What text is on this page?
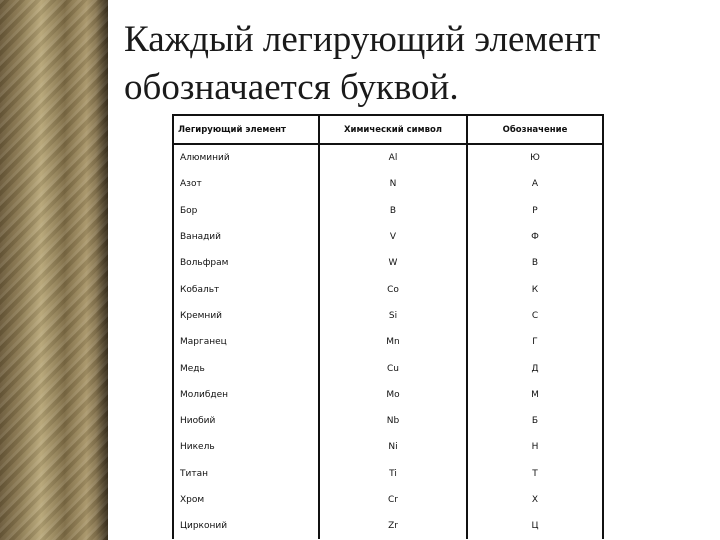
Каждый легирующий элемент обозначается буквой.
Легирующий элемент	Химический символ	Обозначение
Алюминий	Al	Ю
Азот	N	А
Бор	B	Р
Ванадий	V	Ф
Вольфрам	W	В
Кобальт	Co	К
Кремний	Si	С
Марганец	Mn	Г
Медь	Cu	Д
Молибден	Mo	М
Ниобий	Nb	Б
Никель	Ni	Н
Титан	Ti	Т
Хром	Cr	Х
Цирконий	Zr	Ц
